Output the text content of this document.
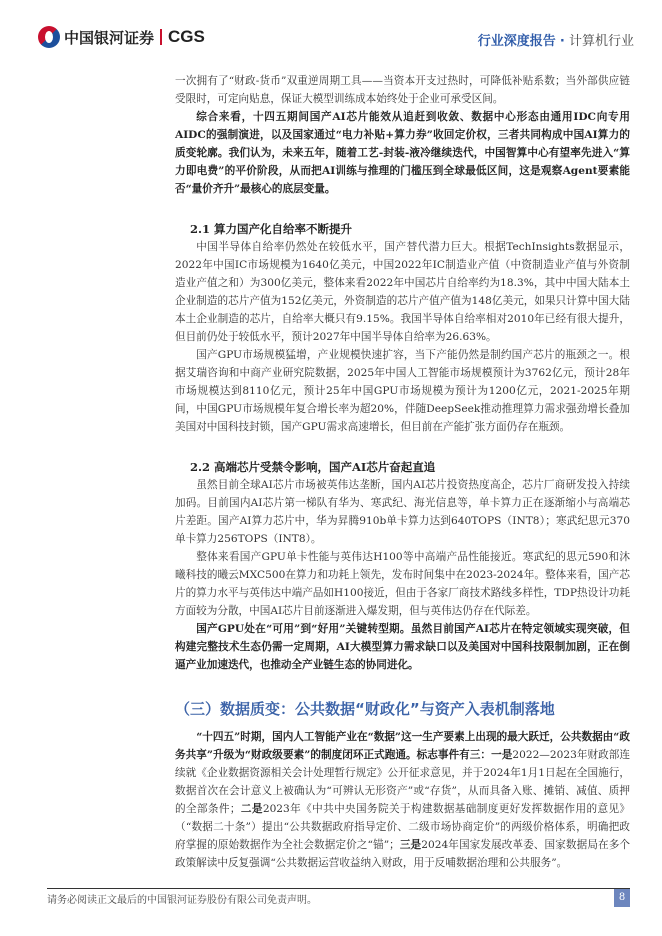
中国银河证券 CGS	行业深度报告 · 计算机行业

一次拥有了“财政-货币”双重逆周期工具——当资本开支过热时，可降低补贴系数；当外部供应链受限时，可定向贴息，保证大模型训练成本始终处于企业可承受区间。

综合来看，十四五期间国产AI芯片能效从追赶到收敛、数据中心形态由通用IDC向专用AIDC的强制演进，以及国家通过“电力补贴+算力券”收回定价权，三者共同构成中国AI算力的质变轮廓。我们认为，未来五年，随着工艺-封装-液冷继续迭代，中国智算中心有望率先进入“算力即电费”的平价阶段，从而把AI训练与推理的门槛压到全球最低区间，这是观察Agent要素能否“量价齐升”最核心的底层变量。

2.1 算力国产化自给率不断提升

中国半导体自给率仍然处在较低水平，国产替代潜力巨大。根据TechInsights数据显示，2022年中国IC市场规模为1640亿美元，中国2022年IC制造业产值（中资制造业产值与外资制造业产值之和）为300亿美元，整体来看2022年中国芯片自给率约为18.3%，其中中国大陆本土企业制造的芯片产值为152亿美元，外资制造的芯片产值产值为148亿美元，如果只计算中国大陆本土企业制造的芯片，自给率大概只有9.15%。我国半导体自给率相对2010年已经有很大提升，但目前仍处于较低水平，预计2027年中国半导体自给率为26.63%。

国产GPU市场规模猛增，产业规模快速扩容，当下产能仍然是制约国产芯片的瓶颈之一。根据艾瑞咨询和中商产业研究院数据，2025年中国人工智能市场规模预计为3762亿元，预计28年市场规模达到8110亿元，预计25年中国GPU市场规模为预计为1200亿元，2021-2025年期间，中国GPU市场规模年复合增长率为超20%，伴随DeepSeek推动推理算力需求强劲增长叠加美国对中国科技封锁，国产GPU需求高速增长，但目前在产能扩张方面仍存在瓶颈。

2.2 高端芯片受禁令影响，国产AI芯片奋起直追

虽然目前全球AI芯片市场被英伟达垄断，国内AI芯片投资热度高企，芯片厂商研发投入持续加码。目前国内AI芯片第一梯队有华为、寒武纪、海光信息等，单卡算力正在逐渐缩小与高端芯片差距。国产AI算力芯片中，华为昇腾910b单卡算力达到640TOPS（INT8）；寒武纪思元370单卡算力256TOPS（INT8）。

整体来看国产GPU单卡性能与英伟达H100等中高端产品性能接近。寒武纪的思元590和沐曦科技的曦云MXC500在算力和功耗上领先，发布时间集中在2023-2024年。整体来看，国产芯片的算力水平与英伟达中端产品如H100接近，但由于各家厂商技术路线多样性，TDP热设计功耗方面较为分散，中国AI芯片目前逐渐进入爆发期，但与英伟达仍存在代际差。

国产GPU处在“可用”到“好用”关键转型期。虽然目前国产AI芯片在特定领域实现突破，但构建完整技术生态仍需一定周期，AI大模型算力需求缺口以及美国对中国科技限制加剧，正在倒逼产业加速迭代，也推动全产业链生态的协同进化。

（三）数据质变：公共数据“财政化”与资产入表机制落地

“十四五”时期，国内人工智能产业在“数据”这一生产要素上出现的最大跃迁，公共数据由“政务共享”升级为“财政级要素”的制度闭环正式跑通。标志事件有三：一是2022—2023年财政部连续就《企业数据资源相关会计处理暂行规定》公开征求意见，并于2024年1月1日起在全国施行，数据首次在会计意义上被确认为“可辨认无形资产”或“存货”，从而具备入账、摊销、减值、质押的全部条件；二是2023年《中共中央国务院关于构建数据基础制度更好发挥数据作用的意见》（“数据二十条”）提出“公共数据政府指导定价、二级市场协商定价”的两级价格体系，明确把政府掌握的原始数据作为全社会数据定价之“锚”；三是2024年国家发展改革委、国家数据局在多个政策解读中反复强调“公共数据运营收益纳入财政，用于反哺数据治理和公共服务”。

请务必阅读正文最后的中国银河证券股份有限公司免责声明。	8
